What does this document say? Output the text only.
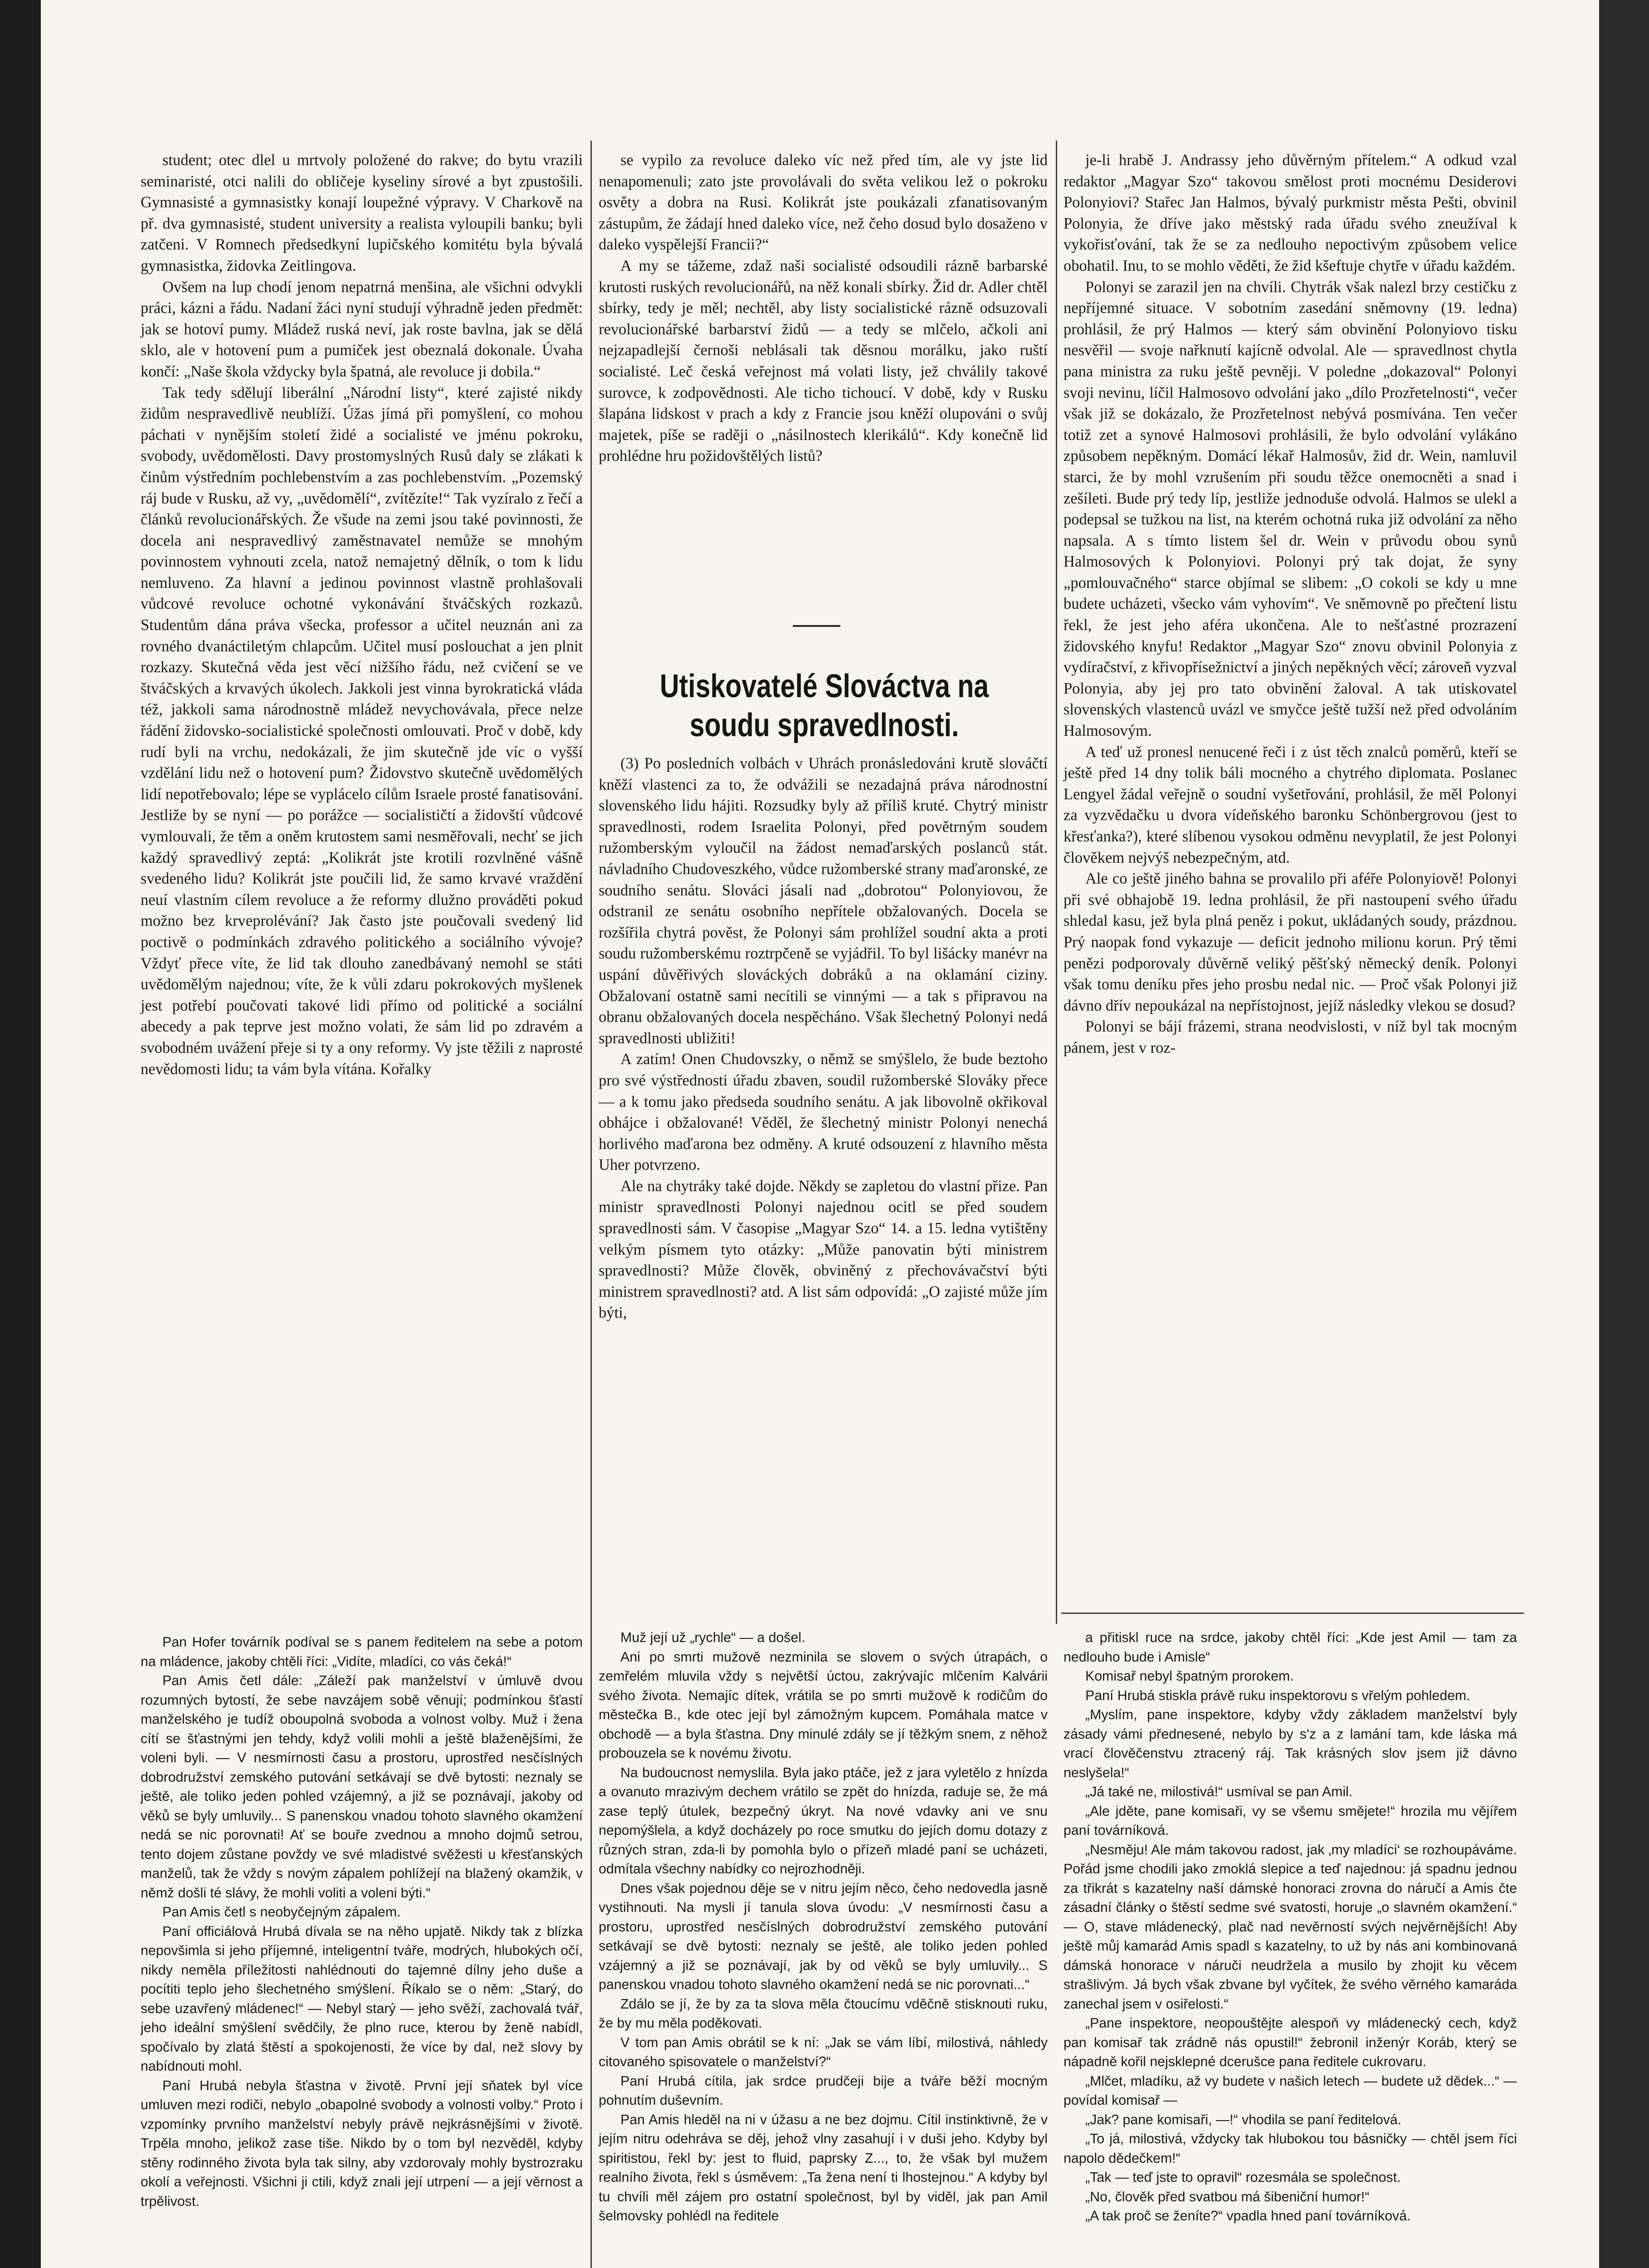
Utiskovatelé Slováctva na soudu spravedlnosti.

student; otec dlel u mrtvoly položené do rakve; do bytu vrazili seminaristé, otci nalili do obličeje kyseliny sírové a byt zpustošili. Gymnasisté a gymnasistky konají loupežné výpravy. V Charkově na př. dva gymnasisté, student university a realista vyloupili banku; byli zatčeni. V Romnech předsedkyní lupičského komitétu byla bývalá gymnasistka, židovka Zeitlingova.

Ovšem na lup chodí jenom nepatrná menšina, ale všichni odvykli práci, kázni a řádu. Nadaní žáci nyní studují výhradně jeden předmět: jak se hotoví pumy. Mládež ruská neví, jak roste bavlna, jak se dělá sklo, ale v hotovení pum a pumiček jest obeznalá dokonale. Úvaha končí: „Naše škola vždycky byla špatná, ale revoluce ji dobila.“

Tak tedy sdělují liberální „Národní listy“, které zajisté nikdy židům nespravedlivě neublíží. Úžas jímá při pomyšlení, co mohou páchati v nynějším století židé a socialisté ve jménu pokroku, svobody, uvědomělosti. Davy prostomyslných Rusů daly se zlákati k činům výstředním pochlebenstvím a zas pochlebenstvím. „Pozemský ráj bude v Rusku, až vy, „uvědomělí“, zvítězíte!“ Tak vyzíralo z řečí a článků revolucionářských. Že všude na zemi jsou také povinnosti, že docela ani nespravedlivý zaměstnavatel nemůže se mnohým povinnostem vyhnouti zcela, natož nemajetný dělník, o tom k lidu nemluveno. Za hlavní a jedinou povinnost vlastně prohlašovali vůdcové revoluce ochotné vykonávání štváčských rozkazů. Studentům dána práva všecka, professor a učitel neuznán ani za rovného dvanáctiletým chlapcům. Učitel musí poslouchat a jen plnit rozkazy. Skutečná věda jest věcí nižšího řádu, než cvičení se ve štváčských a krvavých úkolech. Jakkoli jest vinna byrokratická vláda též, jakkoli sama národnostně mládež nevychovávala, přece nelze řádění židovsko-socialistické společnosti omlouvati. Proč v době, kdy rudí byli na vrchu, nedokázali, že jim skutečně jde víc o vyšší vzdělání lidu než o hotovení pum? Židovstvo skutečně uvědomělých lidí nepotřebovalo; lépe se vyplácelo cílům Israele prosté fanatisování. Jestliže by se nyní — po porážce — socialističtí a židovští vůdcové vymlouvali, že těm a oněm krutostem sami nesměřovali, nechť se jich každý spravedlivý zeptá: „Kolikrát jste krotili rozvlněné vášně svedeného lidu? Kolikrát jste poučili lid, že samo krvavé vraždění neuí vlastním cílem revoluce a že reformy dlužno prováděti pokud možno bez krveprolévání? Jak často jste poučovali svedený lid poctivě o podmínkách zdravého politického a sociálního vývoje? Vždyť přece víte, že lid tak dlouho zanedbávaný nemohl se státi uvědomělým najednou; víte, že k vůli zdaru pokrokových myšlenek jest potřebí poučovati takové lidi přímo od politické a sociální abecedy a pak teprve jest možno volati, že sám lid po zdravém a svobodném uvážení přeje si ty a ony reformy. Vy jste těžili z naprosté nevědomosti lidu; ta vám byla vítána. Kořalky

se vypilo za revoluce daleko víc než před tím, ale vy jste lid nenapomenuli; zato jste provolávali do světa velikou lež o pokroku osvěty a dobra na Rusi. Kolikrát jste poukázali zfanatisovaným zástupům, že žádají hned daleko více, než čeho dosud bylo dosaženo v daleko vyspělejší Francii?“

A my se tážeme, zdaž naši socialisté odsoudili rázně barbarské krutosti ruských revolucionářů, na něž konali sbírky. Žid dr. Adler chtěl sbírky, tedy je měl; nechtěl, aby listy socialistické rázně odsuzovali revolucionářské barbarství židů — a tedy se mlčelo, ačkoli ani nejzapadlejší černoši neblásali tak děsnou morálku, jako ruští socialisté. Leč česká veřejnost má volati listy, jež chválily takové surovce, k zodpovědnosti. Ale ticho tichoucí. V době, kdy v Rusku šlapána lidskost v prach a kdy z Francie jsou kněží olupováni o svůj majetek, píše se raději o „násilnostech klerikálů“. Kdy konečně lid prohlédne hru požidovštělých listů?

(3) Po posledních volbách v Uhrách pronásledováni krutě slováčtí kněží vlastenci za to, že odvážili se nezadajná práva národnostní slovenského lidu hájiti. Rozsudky byly až příliš kruté. Chytrý ministr spravedlnosti, rodem Israelita Polonyi, před povětrným soudem ružomberským vyloučil na žádost nemaďarských poslanců stát. návladního Chudoveszkého, vůdce ružomberské strany maďaronské, ze soudního senátu. Slováci jásali nad „dobrotou“ Polonyiovou, že odstranil ze senátu osobního nepřítele obžalovaných. Docela se rozšířila chytrá pověst, že Polonyi sám prohlížel soudní akta a proti soudu ružomberskému roztrpčeně se vyjádřil. To byl lišácky manévr na uspání důvěřivých slováckých dobráků a na oklamání ciziny. Obžalovaní ostatně sami necítili se vinnými — a tak s připravou na obranu obžalovaných docela nespěcháno. Však šlechetný Polonyi nedá spravedlnosti ubližiti!

A zatím! Onen Chudovszky, o němž se smýšlelo, že bude beztoho pro své výstřednosti úřadu zbaven, soudil ružomberské Slováky přece — a k tomu jako předseda soudního senátu. A jak libovolně okřikoval obhájce i obžalované! Věděl, že šlechetný ministr Polonyi nenechá horlivého maďarona bez odměny. A kruté odsouzení z hlavního města Uher potvrzeno.

Ale na chytráky také dojde. Někdy se zapletou do vlastní přize. Pan ministr spravedlnosti Polonyi najednou ocitl se před soudem spravedlnosti sám. V časopise „Magyar Szo“ 14. a 15. ledna vytištěny velkým písmem tyto otázky: „Může panovatin býti ministrem spravedlnosti? Může člověk, obviněný z přechovávačství býti ministrem spravedlnosti? atd. A list sám odpovídá: „O zajisté může jím býti,

je-li hrabě J. Andrassy jeho důvěrným přítelem.“ A odkud vzal redaktor „Magyar Szo“ takovou smělost proti mocnému Desiderovi Polonyiovi? Stařec Jan Halmos, bývalý purkmistr města Pešti, obvinil Polonyia, že dříve jako městský rada úřadu svého zneužíval k vykořisťování, tak že se za nedlouho nepoctivým způsobem velice obohatil. Inu, to se mohlo věděti, že žid kšeftuje chytře v úřadu každém.

Polonyi se zarazil jen na chvíli. Chytrák však nalezl brzy cestičku z nepříjemné situace. V sobotním zasedání sněmovny (19. ledna) prohlásil, že prý Halmos — který sám obvinění Polonyiovo tisku nesvěřil — svoje nařknutí kajícně odvolal. Ale — spravedlnost chytla pana ministra za ruku ještě pevněji. V poledne „dokazoval“ Polonyi svoji nevinu, líčil Halmosovo odvolání jako „dílo Prozřetelnosti“, večer však již se dokázalo, že Prozřetelnost nebývá posmívána. Ten večer totiž zet a synové Halmosovi prohlásili, že bylo odvolání vylákáno způsobem nepěkným. Domácí lékař Halmosův, žid dr. Wein, namluvil starci, že by mohl vzrušením při soudu těžce onemocněti a snad i zešíleti. Bude prý tedy líp, jestliže jednoduše odvolá. Halmos se ulekl a podepsal se tužkou na list, na kterém ochotná ruka již odvolání za něho napsala. A s tímto listem šel dr. Wein v průvodu obou synů Halmosových k Polonyiovi. Polonyi prý tak dojat, že syny „pomlouvačného“ starce objímal se slibem: „O cokoli se kdy u mne budete ucházeti, všecko vám vyhovím“. Ve sněmovně po přečtení listu řekl, že jest jeho aféra ukončena. Ale to nešťastné prozrazení židovského knyfu! Redaktor „Magyar Szo“ znovu obvinil Polonyia z vydíračství, z křivopřísežnictví a jiných nepěkných věcí; zároveň vyzval Polonyia, aby jej pro tato obvinění žaloval. A tak utiskovatel slovenských vlastenců uvázl ve smyčce ještě tužší než před odvoláním Halmosovým.

A teď už pronesl nenucené řeči i z úst těch znalců poměrů, kteří se ještě před 14 dny tolik báli mocného a chytrého diplomata. Poslanec Lengyel žádal veřejně o soudní vyšetřování, prohlásil, že měl Polonyi za vyzvědačku u dvora vídeňského baronku Schönbergrovou (jest to křesťanka?), které slíbenou vysokou odměnu nevyplatil, že jest Polonyi člověkem nejvýš nebezpečným, atd.

Ale co ještě jiného bahna se provalilo při aféře Polonyiově! Polonyi při své obhajobě 19. ledna prohlásil, že při nastoupení svého úřadu shledal kasu, jež byla plná peněz i pokut, ukládaných soudy, prázdnou. Prý naopak fond vykazuje — deficit jednoho milionu korun. Prý těmi penězi podporovaly důvěrně veliký pěšťský německý deník. Polonyi však tomu deníku přes jeho prosbu nedal nic. — Proč však Polonyi již dávno dřív nepoukázal na nepřístojnost, jejíž následky vlekou se dosud?

Polonyi se bájí frázemi, strana neodvislosti, v níž byl tak mocným pánem, jest v roz-

Pan Hofer továrník podíval se s panem ředitelem na sebe a potom na mládence, jakoby chtěli říci: „Vidíte, mladíci, co vás čeká!“

Pan Amis četl dále: „Záleží pak manželství v úmluvě dvou rozumných bytostí, že sebe navzájem sobě věnují; podmínkou šťastí manželského je tudíž oboupolná svoboda a volnost volby. Muž i žena cítí se šťastnými jen tehdy, když volili mohli a ještě blaženějšími, že voleni byli. — V nesmírnosti času a prostoru, uprostřed nesčíslných dobrodružství zemského putování setkávají se dvě bytosti: neznaly se ještě, ale toliko jeden pohled vzájemný, a již se poznávají, jakoby od věků se byly umluvily... S panenskou vnadou tohoto slavného okamžení nedá se nic porovnati! Ať se bouře zvednou a mnoho dojmů setrou, tento dojem zůstane povždy ve své mladistvé svěžesti u křesťanských manželů, tak že vždy s novým zápalem pohlížejí na blažený okamžik, v němž došli té slávy, že mohli voliti a voleni býti.“

Pan Amis četl s neobyčejným zápalem.

Paní officiálová Hrubá dívala se na něho upjatě. Nikdy tak z blízka nepovšimla si jeho příjemné, inteligentní tváře, modrých, hlubokých očí, nikdy neměla příležitosti nahlédnouti do tajemné dílny jeho duše a pocítiti teplo jeho šlechetného smýšlení. Říkalo se o něm: „Starý, do sebe uzavřený mládenec!“ — Nebyl starý — jeho svěží, zachovalá tvář, jeho ideální smýšlení svědčily, že plno ruce, kterou by ženě nabídl, spočívalo by zlatá štěstí a spokojenosti, že více by dal, než slovy by nabídnouti mohl.

Paní Hrubá nebyla šťastna v životě. První její sňatek byl více umluven mezi rodiči, nebylo „obapolné svobody a volnosti volby.“ Proto i vzpomínky prvního manželství nebyly právě nejkrásnějšími v životě. Trpěla mnoho, jelikož zase tiše. Nikdo by o tom byl nezvěděl, kdyby stěny rodinného života byla tak silny, aby vzdorovaly mohly bystrozraku okolí a veřejnosti. Všichni ji ctili, když znali její utrpení — a její věrnost a trpělivost.

Muž její už „rychle“ — a došel.

Ani po smrti mužově nezminila se slovem o svých útrapách, o zemřelém mluvila vždy s největší úctou, zakrývajíc mlčením Kalvárii svého života. Nemajíc dítek, vrátila se po smrti mužově k rodičům do městečka B., kde otec její byl zámožným kupcem. Pomáhala matce v obchodě — a byla šťastna. Dny minulé zdály se jí těžkým snem, z něhož probouzela se k novému životu.

Na budoucnost nemyslila. Byla jako ptáče, jež z jara vyletělo z hnízda a ovanuto mrazivým dechem vrátilo se zpět do hnízda, raduje se, že má zase teplý útulek, bezpečný úkryt. Na nové vdavky ani ve snu nepomýšlela, a když docházely po roce smutku do jejích domu dotazy z různých stran, zda-li by pomohla bylo o přízeň mladé paní se ucházeti, odmítala všechny nabídky co nejrozhodněji.

Dnes však pojednou děje se v nitru jejím něco, čeho nedovedla jasně vystihnouti. Na mysli jí tanula slova úvodu: „V nesmírnosti času a prostoru, uprostřed nesčíslných dobrodružství zemského putování setkávají se dvě bytosti: neznaly se ještě, ale toliko jeden pohled vzájemný a již se poznávají, jak by od věků se byly umluvily... S panenskou vnadou tohoto slavného okamžení nedá se nic porovnati...“

Zdálo se jí, že by za ta slova měla čtoucímu vděčně stisknouti ruku, že by mu měla poděkovati.

V tom pan Amis obrátil se k ní: „Jak se vám líbí, milostivá, náhledy citovaného spisovatele o manželství?“

Paní Hrubá cítila, jak srdce prudčeji bije a tváře běží mocným pohnutím duševním.

Pan Amis hleděl na ni v úžasu a ne bez dojmu. Cítil instinktivně, že v jejím nitru odehráva se děj, jehož vlny zasahují i v duši jeho. Kdyby byl spiritistou, řekl by: jest to fluid, paprsky Z..., to, že však byl mužem realního života, řekl s úsměvem: „Ta žena není ti lhostejnou.“ A kdyby byl tu chvíli měl zájem pro ostatní společnost, byl by viděl, jak pan Amil šelmovsky pohlédl na ředitele

a přitiskl ruce na srdce, jakoby chtěl říci: „Kde jest Amil — tam za nedlouho bude i Amisle“

Komisař nebyl špatným prorokem.

Paní Hrubá stiskla právě ruku inspektorovu s vřelým pohledem.

„Myslím, pane inspektore, kdyby vždy základem manželství byly zásady vámi přednesené, nebylo by s'z a z lamání tam, kde láska má vrací člověčenstvu ztracený ráj. Tak krásných slov jsem již dávno neslyšela!“

„Já také ne, milostivá!“ usmíval se pan Amil.

„Ale jděte, pane komisaři, vy se všemu smějete!“ hrozila mu vějířem paní továrníková.

„Nesměju! Ale mám takovou radost, jak ‚my mladíci‘ se rozhoupáváme. Pořád jsme chodili jako zmoklá slepice a teď najednou: já spadnu jednou za třikrát s kazatelny naší dámské honoraci zrovna do náručí a Amis čte zásadní články o štěstí sedme své svatosti, horuje „o slavném okamžení.“ — O, stave mládenecký, plač nad nevěrností svých nejvěrnějších! Aby ještě můj kamarád Amis spadl s kazatelny, to už by nás ani kombinovaná dámská honorace v náruči neudržela a musilo by zhojit ku věcem strašlivým. Já bych však zbvane byl vyčítek, že svého věrného kamaráda zanechal jsem v osiřelosti.“

„Pane inspektore, neopouštějte alespoň vy mládenecký cech, když pan komisař tak zrádně nás opustil!“ žebronil inženýr Koráb, který se nápadně kořil nejsklepné dcerušce pana ředitele cukrovaru.

„Mlčet, mladíku, až vy budete v našich letech — budete už dědek...“ — povídal komisař —

„Jak? pane komisaři, —!“ vhodila se paní ředitelová.

„To já, milostivá, vždycky tak hlubokou tou básničky — chtěl jsem říci napolo dědečkem!“

„Tak — teď jste to opravil“ rozesmála se společnost.

„No, člověk před svatbou má šibeniční humor!“

„A tak proč se ženíte?“ vpadla hned paní továrníková.
